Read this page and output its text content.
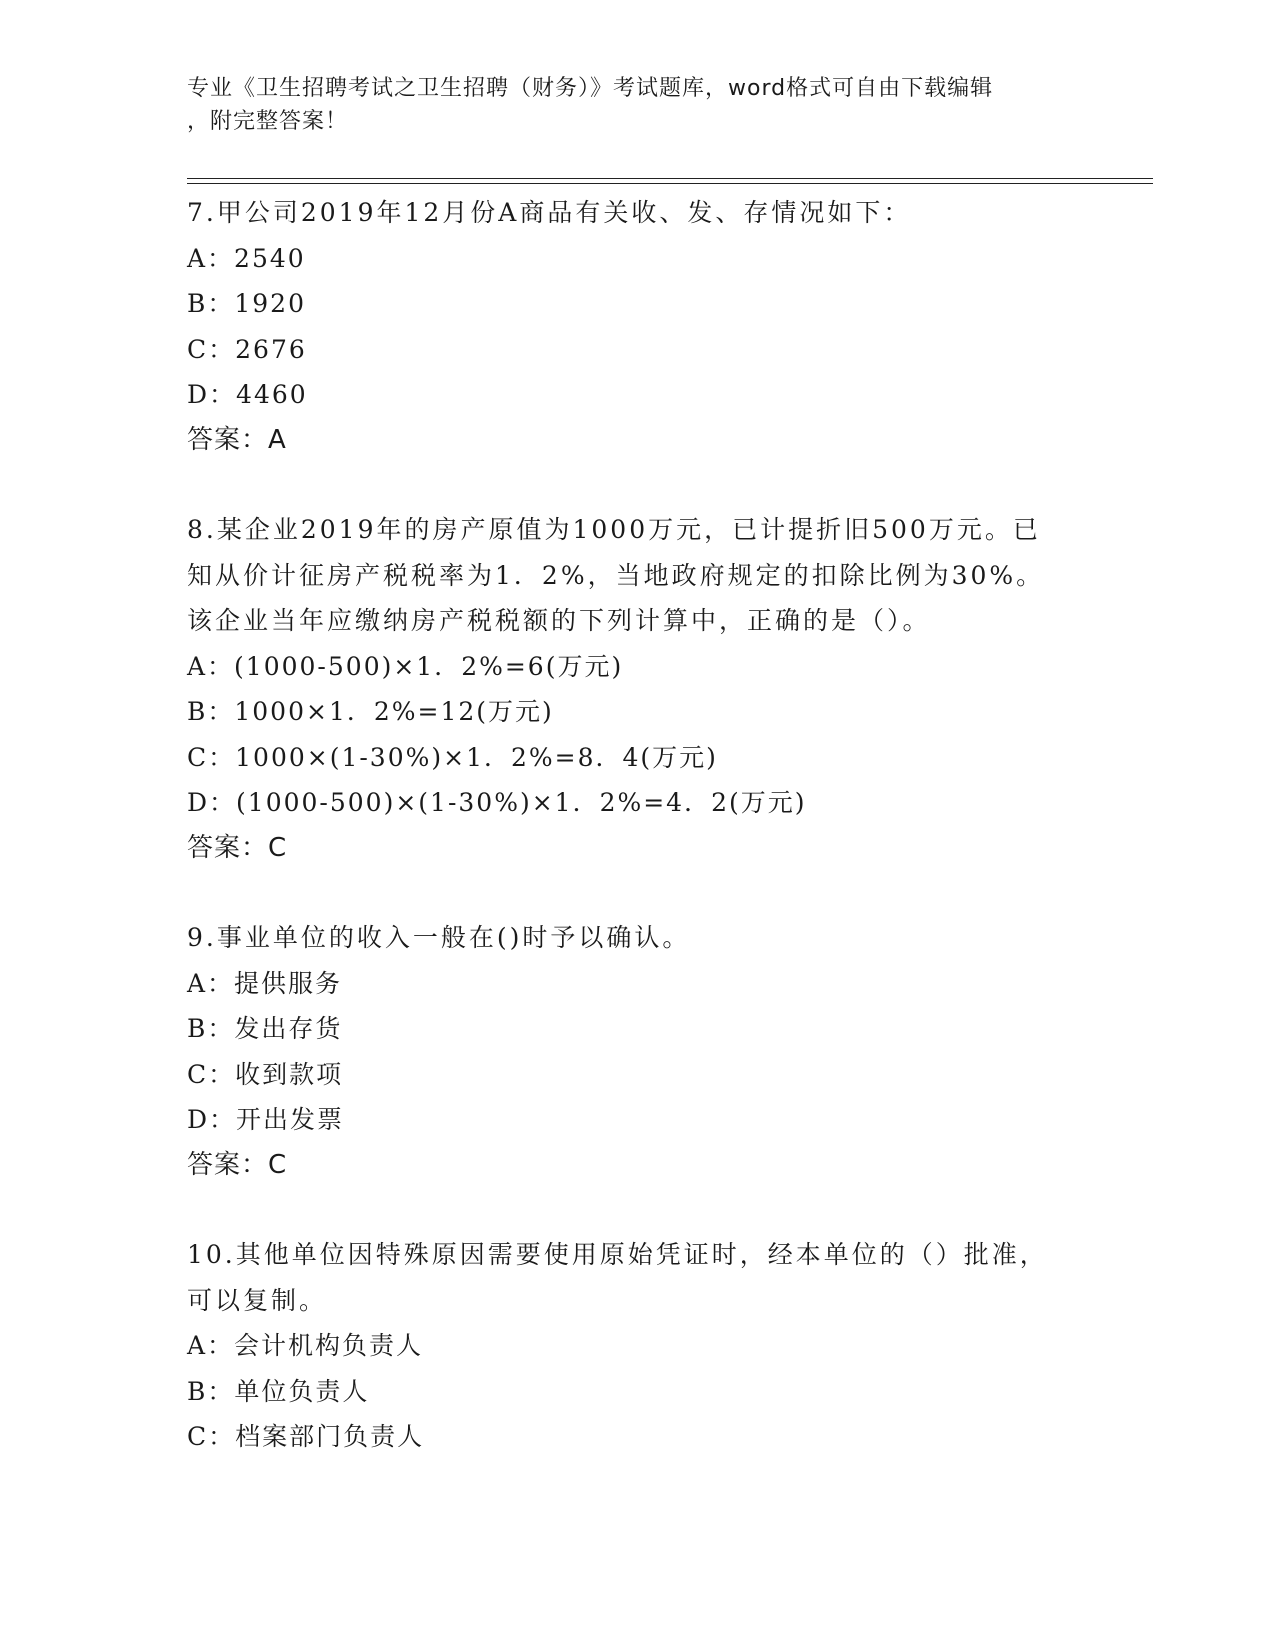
专业《卫生招聘考试之卫生招聘（财务）》考试题库，word格式可自由下载编辑
，附完整答案！
7.甲公司2019年12月份A商品有关收、发、存情况如下：
A：2540
B：1920
C：2676
D：4460
答案：A
8.某企业2019年的房产原值为1000万元，已计提折旧500万元。已
知从价计征房产税税率为1．2%，当地政府规定的扣除比例为30%。
该企业当年应缴纳房产税税额的下列计算中，正确的是（）。
A：(1000-500)×1．2%=6(万元)
B：1000×1．2%=12(万元)
C：1000×(1-30%)×1．2%=8．4(万元)
D：(1000-500)×(1-30%)×1．2%=4．2(万元)
答案：C
9.事业单位的收入一般在()时予以确认。
A：提供服务
B：发出存货
C：收到款项
D：开出发票
答案：C
10.其他单位因特殊原因需要使用原始凭证时，经本单位的（）批准，
可以复制。
A：会计机构负责人
B：单位负责人
C：档案部门负责人
